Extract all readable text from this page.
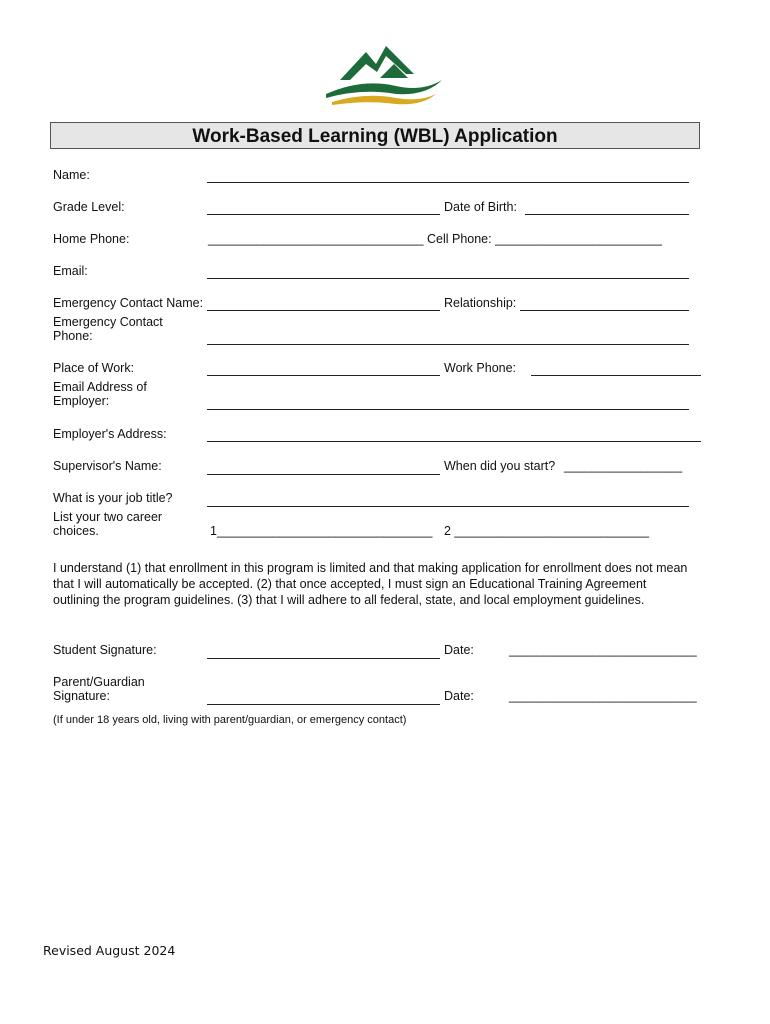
Work-Based Learning (WBL) Application
Name:
Grade Level:	Date of Birth:
Home Phone:	_______________________________ Cell Phone: ________________________
Email:
Emergency Contact Name:	Relationship:
Emergency Contact
Phone:
Place of Work:	Work Phone:
Email Address of
Employer:
Employer's Address:
Supervisor's Name:	When did you start? _________________
What is your job title?
List your two career
choices.	1_______________________________ 2 ____________________________
I understand (1) that enrollment in this program is limited and that making application for enrollment does not mean
that I will automatically be accepted. (2) that once accepted, I must sign an Educational Training Agreement
outlining the program guidelines. (3) that I will adhere to all federal, state, and local employment guidelines.
Student Signature:	Date:	___________________________
Parent/Guardian
Signature:	Date:	___________________________
(If under 18 years old, living with parent/guardian, or emergency contact)
Revised August 2024
